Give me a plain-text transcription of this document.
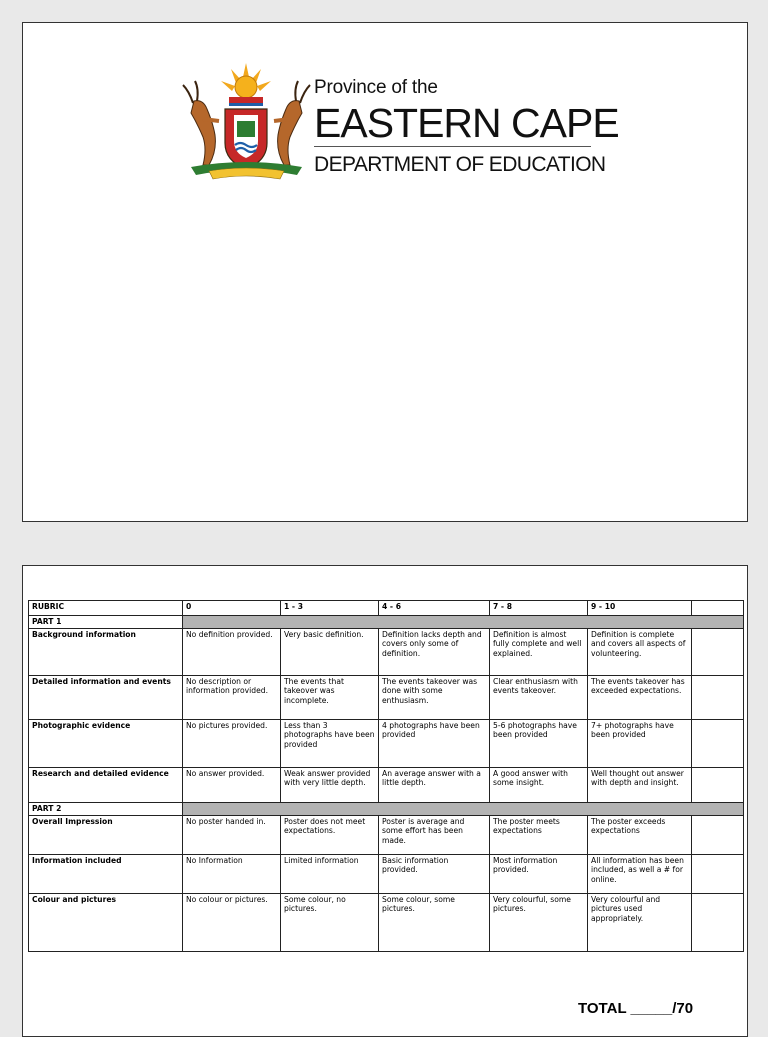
Province of the
EASTERN CAPE
DEPARTMENT OF EDUCATION
RUBRIC	0	1 - 3	4 - 6	7 - 8	9 - 10	
PART 1						
Background information	No definition provided.	Very basic definition.	Definition lacks depth and covers only some of definition.	Definition is almost fully complete and well explained.	Definition is complete and covers all aspects of volunteering.	
Detailed information and events	No description or information provided.	The events that takeover was incomplete.	The events takeover was done with some enthusiasm.	Clear enthusiasm with events takeover.	The events takeover has exceeded expectations.	
Photographic evidence	No pictures provided.	Less than 3 photographs have been provided	4 photographs have been provided	5-6 photographs have been provided	7+ photographs have been provided	
Research and detailed evidence	No answer provided.	Weak answer provided with very little depth.	An average answer with a little depth.	A good answer with some insight.	Well thought out answer with depth and insight.	
PART 2						
Overall Impression	No poster handed in.	Poster does not meet expectations.	Poster is average and some effort has been made.	The poster meets expectations	The poster exceeds expectations	
Information included	No Information	Limited information	Basic information provided.	Most information provided.	All information has been included, as well a # for online.	
Colour and pictures	No colour or pictures.	Some colour, no pictures.	Some colour, some pictures.	Very colourful, some pictures.	Very colourful and pictures used appropriately.	
TOTAL _____/70
